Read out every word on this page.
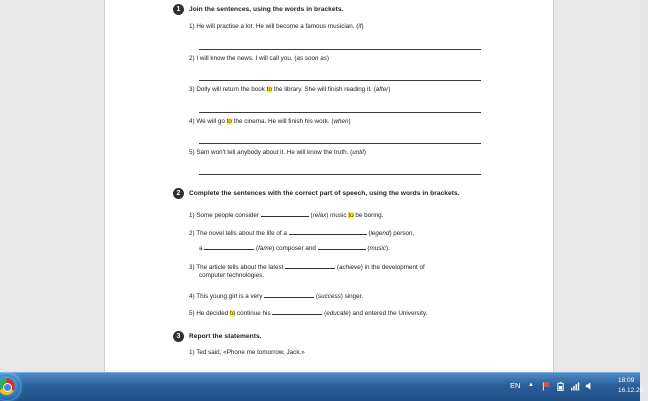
1	Join the sentences, using the words in brackets.
1) He will practise a lot. He will become a famous musician. (if)
2) I will know the news. I will call you. (as soon as)
3) Dolly will return the book to the library. She will finish reading it. (after)
4) We will go to the cinema. He will finish his work. (when)
5) Sam won't tell anybody about it. He will know the truth. (until)
2	Complete the sentences with the correct part of speech, using the words in brackets.
1) Some people consider	(relax) music to be boring.
2) The novel tells about the life of a	(legend) person,
a	(fame) composer and	(music).
3) The article tells about the latest	(achieve) in the development of
computer technologies.
4) This young girl is a very	(success) singer.
5) He decided to continue his	(educate) and entered the University.
3	Report the statements.
1) Ted said, «Phone me tomorrow, Jack.»
EN ▲
18:09
16.12.20
